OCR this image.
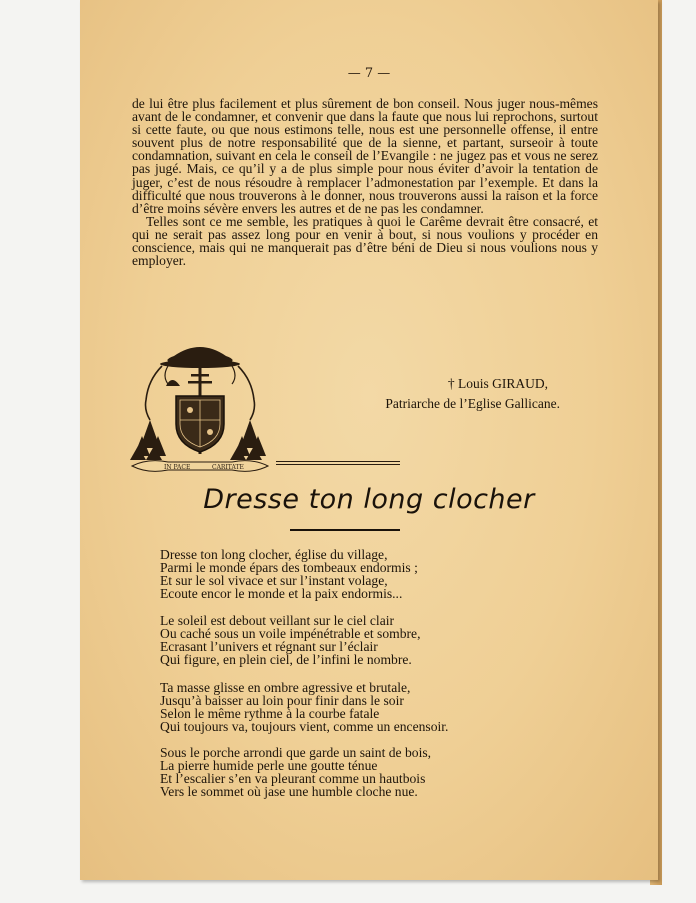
— 7 —

de lui être plus facilement et plus sûrement de bon conseil. Nous juger nous-mêmes avant de le condamner, et convenir que dans la faute que nous lui reprochons, surtout si cette faute, ou que nous estimons telle, nous est une personnelle offense, il entre souvent plus de notre responsabilité que de la sienne, et partant, surseoir à toute condamnation, suivant en cela le conseil de l’Evangile : ne jugez pas et vous ne serez pas jugé. Mais, ce qu’il y a de plus simple pour nous éviter d’avoir la tentation de juger, c’est de nous résoudre à remplacer l’admonestation par l’exemple. Et dans la difficulté que nous trouverons à le donner, nous trouverons aussi la raison et la force d’être moins sévère envers les autres et de ne pas les condamner.

Telles sont ce me semble, les pratiques à quoi le Carême devrait être consacré, et qui ne serait pas assez long pour en venir à bout, si nous voulions y procéder en conscience, mais qui ne manquerait pas d’être béni de Dieu si nous voulions nous y employer.

IN PACE	CARITATE
† Louis GIRAUD,
Patriarche de l’Eglise Gallicane.
Dresse ton long clocher
Dresse ton long clocher, église du village,
Parmi le monde épars des tombeaux endormis ;
Et sur le sol vivace et sur l’instant volage,
Ecoute encor le monde et la paix endormis...
Le soleil est debout veillant sur le ciel clair
Ou caché sous un voile impénétrable et sombre,
Ecrasant l’univers et régnant sur l’éclair
Qui figure, en plein ciel, de l’infini le nombre.
Ta masse glisse en ombre agressive et brutale,
Jusqu’à baisser au loin pour finir dans le soir
Selon le même rythme à la courbe fatale
Qui toujours va, toujours vient, comme un encensoir.
Sous le porche arrondi que garde un saint de bois,
La pierre humide perle une goutte ténue
Et l’escalier s’en va pleurant comme un hautbois
Vers le sommet où jase une humble cloche nue.
